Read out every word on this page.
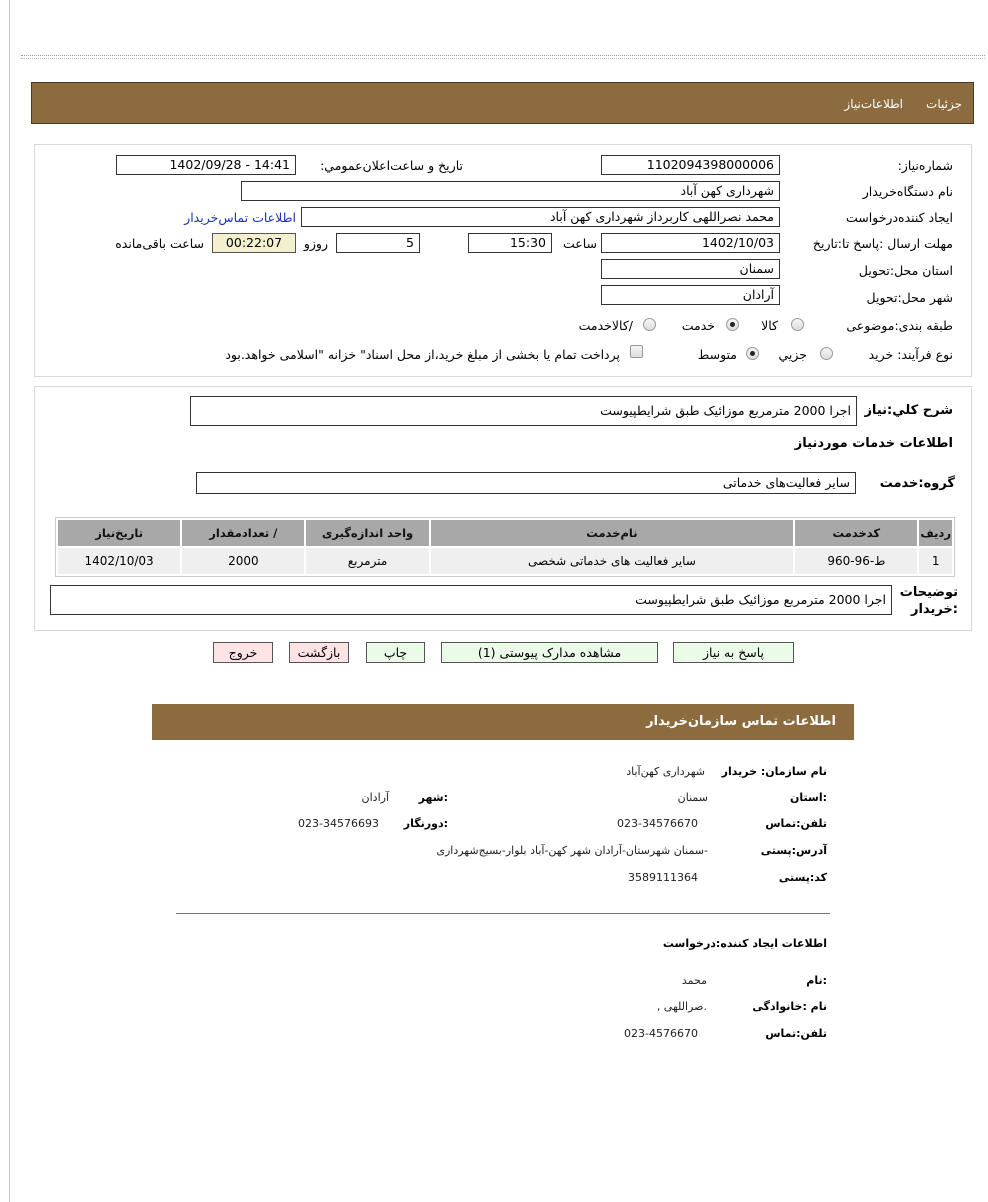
اطلاعات‌نیاز جزئیات
شماره‌نیاز:
1102094398000006
تاريخ و ساعت‌اعلان‌عمومي:
1402/09/28 - 14:41
نام دستگاه‌خریدار
شهرداری کهن آباد
ایجاد کننده‌درخواست
محمد نصراللهی کاربرداز شهرداری کهن آباد
اطلاعات تماس‌خریدار
مهلت ارسال :پاسخ تا:تاريخ
1402/10/03
ساعت
15:30
5
روزو
00:22:07
ساعت باقی‌مانده
استان محل:تحویل
سمنان
شهر محل:تحویل
آرادان
طبقه بندی:موضوعی
کالا
خدمت
/کالاخدمت
نوع فرآیند: خرید
جزيي
متوسط
پرداخت تمام یا بخشی از مبلغ خرید،از محل اسناد" خزانه "اسلامی خواهد.بود
شرح کلي:نیاز
اجرا 2000 مترمربع موزائیک طبق شرایطپیوست
اطلاعات خدمات موردنیاز
گروه:خدمت
سایر فعالیت‌های خدماتی
ردیف	کدخدمت	نام‌خدمت	واحد اندازه‌گیری	/ تعدادمقدار	تاریخ‌نیاز
1	ط-96-960	سایر فعالیت های خدماتی شخصی	مترمربع	2000	1402/10/03
توضیحات
:خریدار
اجرا 2000 مترمربع موزائیک طبق شرایطپیوست
پاسخ به نیاز
مشاهده مدارک پیوستی (1)
چاپ
بازگشت
خروج
اطلاعات تماس سازمان‌خریدار
نام سازمان: خریدار
شهرداری کهن‌آباد
:استان
سمنان
:شهر
آرادان
تلفن:تماس
023-34576670
:دورنگار
023-34576693
آدرس:پستی
-سمنان شهرستان-آرادان شهر کهن-آباد بلوار-بسیج‌شهرداری
کد:پستی
3589111364
اطلاعات ایجاد کننده:درخواست
:نام
محمد
نام :خانوادگی
.صراللهی ,
تلفن:تماس
023-4576670
